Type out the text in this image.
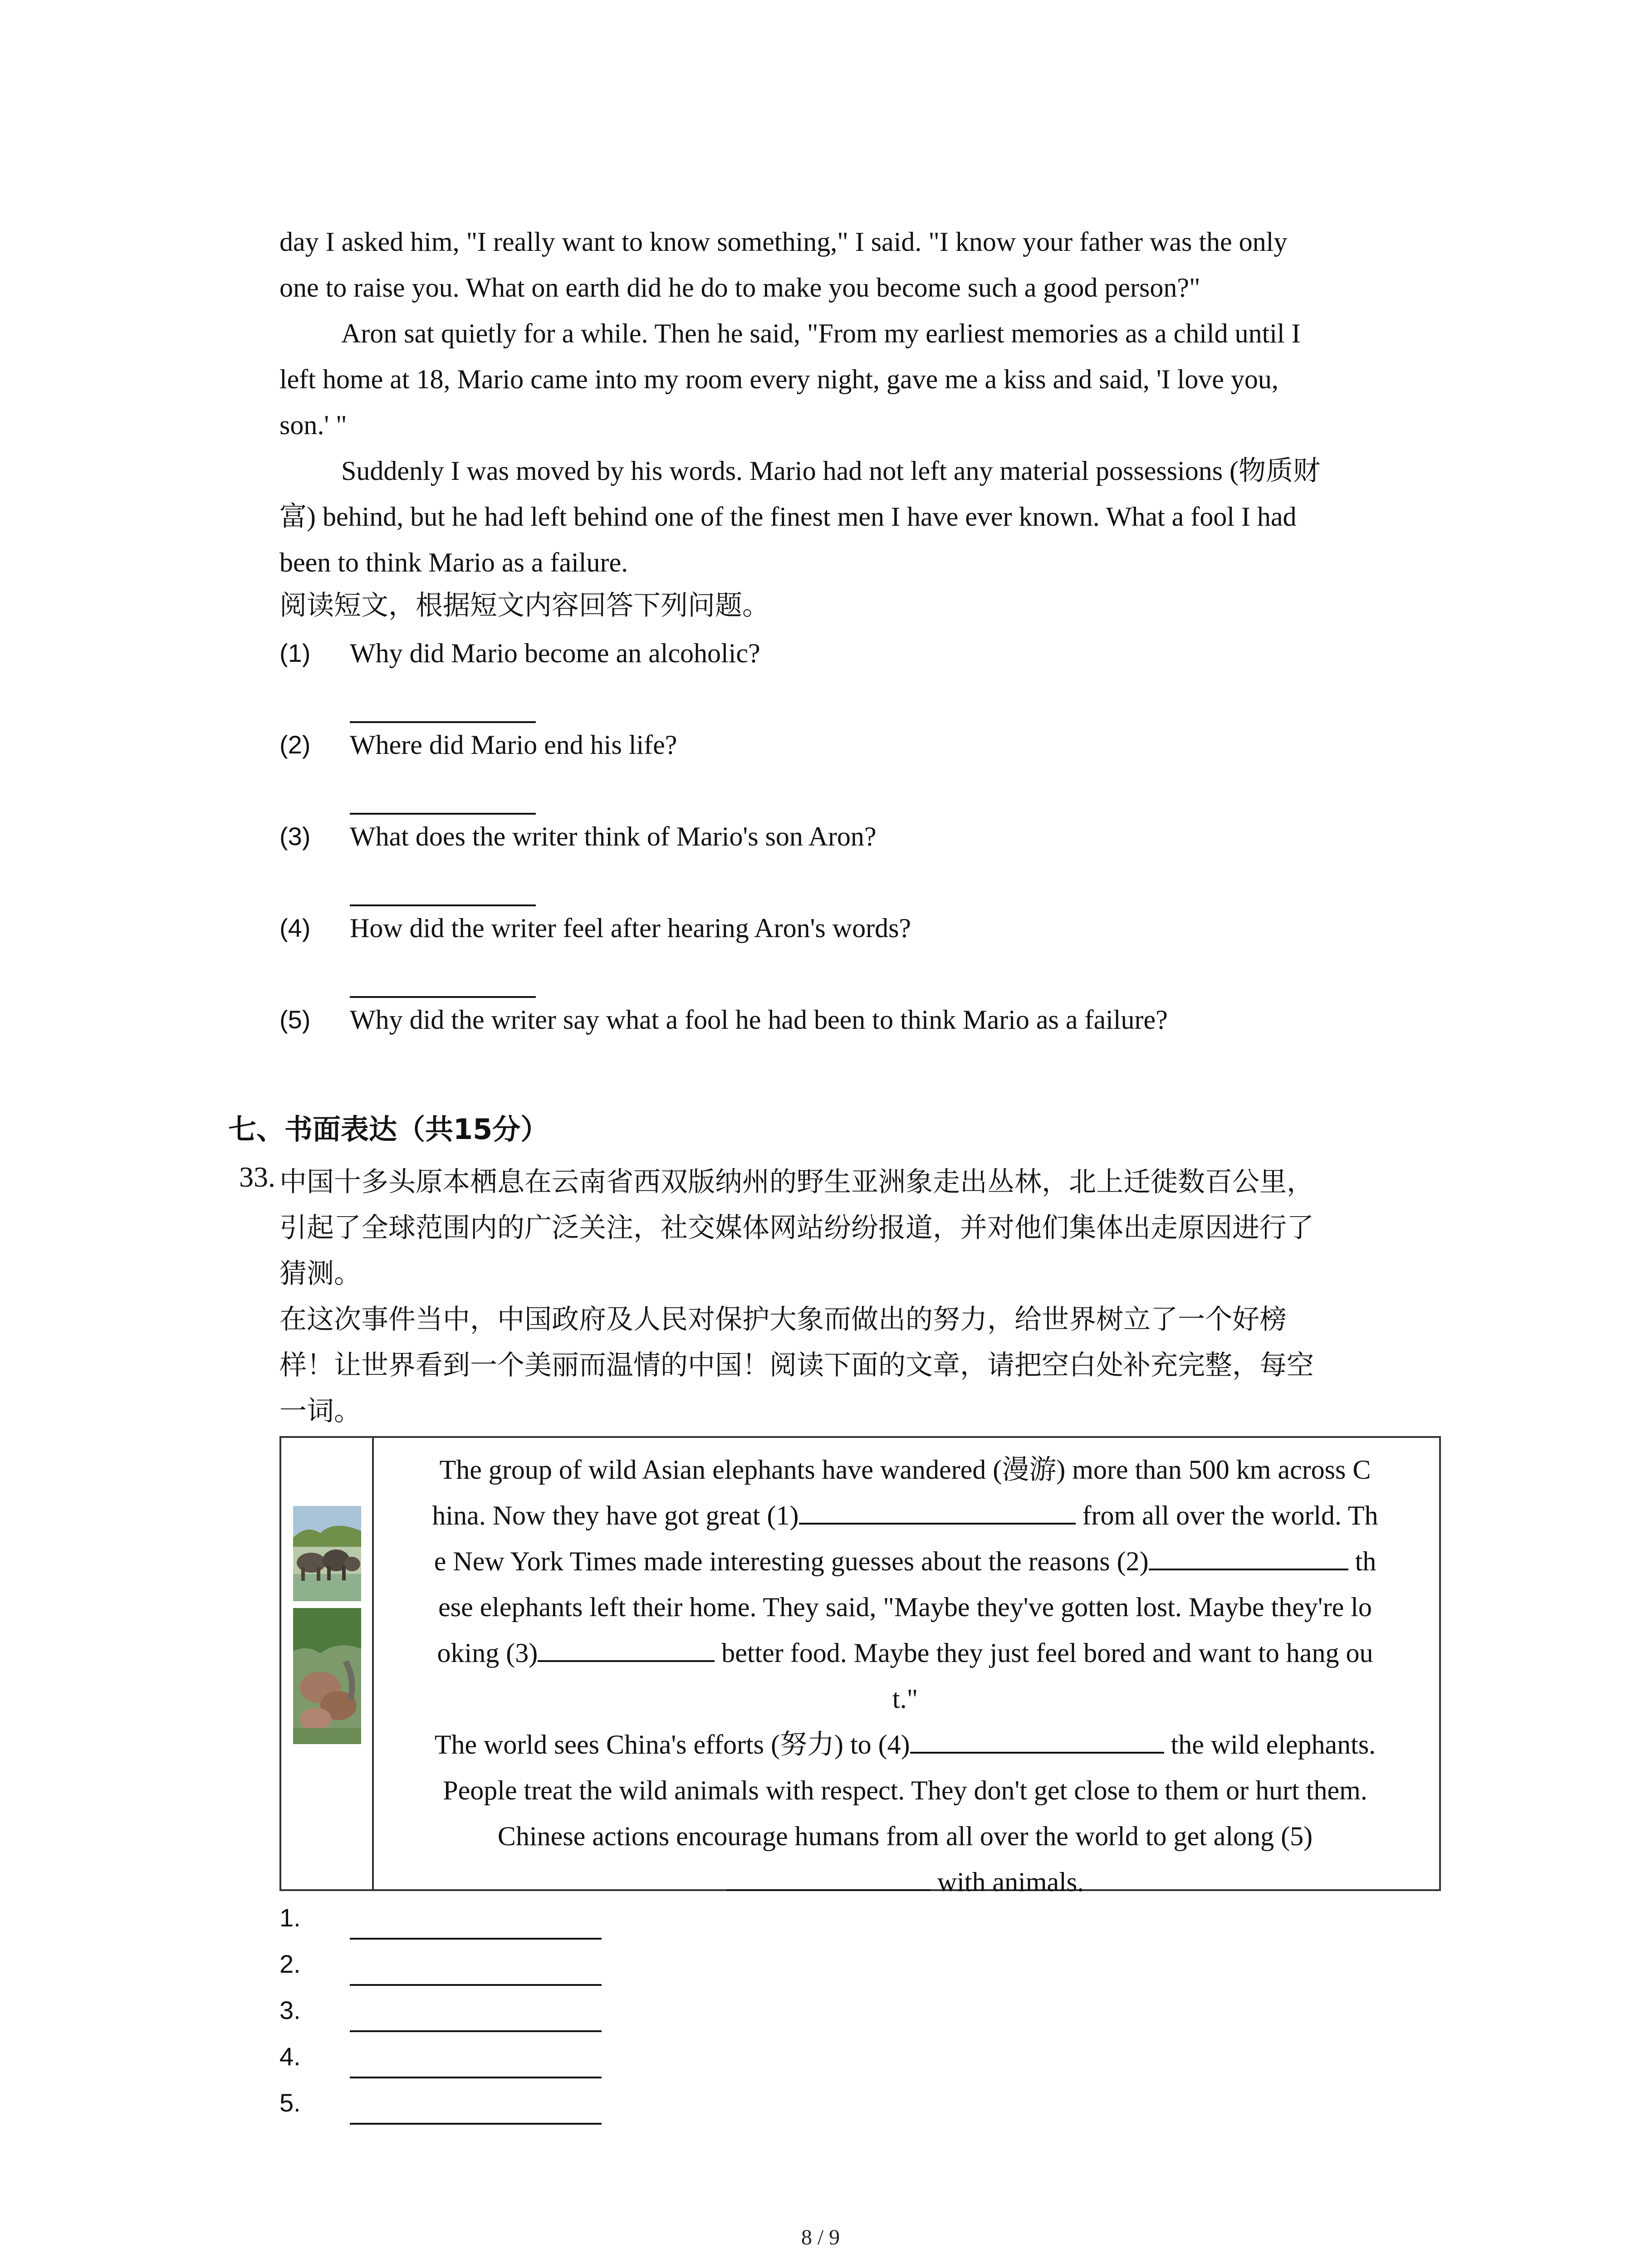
day I asked him, "I really want to know something," I said. "I know your father was the only

one to raise you. What on earth did he do to make you become such a good person?"

Aron sat quietly for a while. Then he said, "From my earliest memories as a child until I

left home at 18, Mario came into my room every night, gave me a kiss and said, 'I love you,

son.' "

Suddenly I was moved by his words. Mario had not left any material possessions (物质财

富) behind, but he had left behind one of the finest men I have ever known. What a fool I had

been to think Mario as a failure.

阅读短文，根据短文内容回答下列问题。
(1)	Why did Mario become an alcoholic?
(2)	Where did Mario end his life?
(3)	What does the writer think of Mario's son Aron?
(4)	How did the writer feel after hearing Aron's words?
(5)	Why did the writer say what a fool he had been to think Mario as a failure?
七、书面表达（共15分）
33. 中国十多头原本栖息在云南省西双版纳州的野生亚洲象走出丛林，北上迁徙数百公里，
引起了全球范围内的广泛关注，社交媒体网站纷纷报道，并对他们集体出走原因进行了
猜测。
在这次事件当中，中国政府及人民对保护大象而做出的努力，给世界树立了一个好榜
样！让世界看到一个美丽而温情的中国！阅读下面的文章，请把空白处补充完整，每空
一词。
The group of wild Asian elephants have wandered (漫游) more than 500 km across C
hina. Now they have got great (1)	from all over the world. Th
e New York Times made interesting guesses about the reasons (2)	th
ese elephants left their home. They said, "Maybe they've gotten lost. Maybe they're lo
oking (3)	better food. Maybe they just feel bored and want to hang ou
t."
The world sees China's efforts (努力) to (4)	the wild elephants.
People treat the wild animals with respect. They don't get close to them or hurt them.
Chinese actions encourage humans from all over the world to get along (5)
with animals.
1.
2.
3.
4.
5.
8 / 9
